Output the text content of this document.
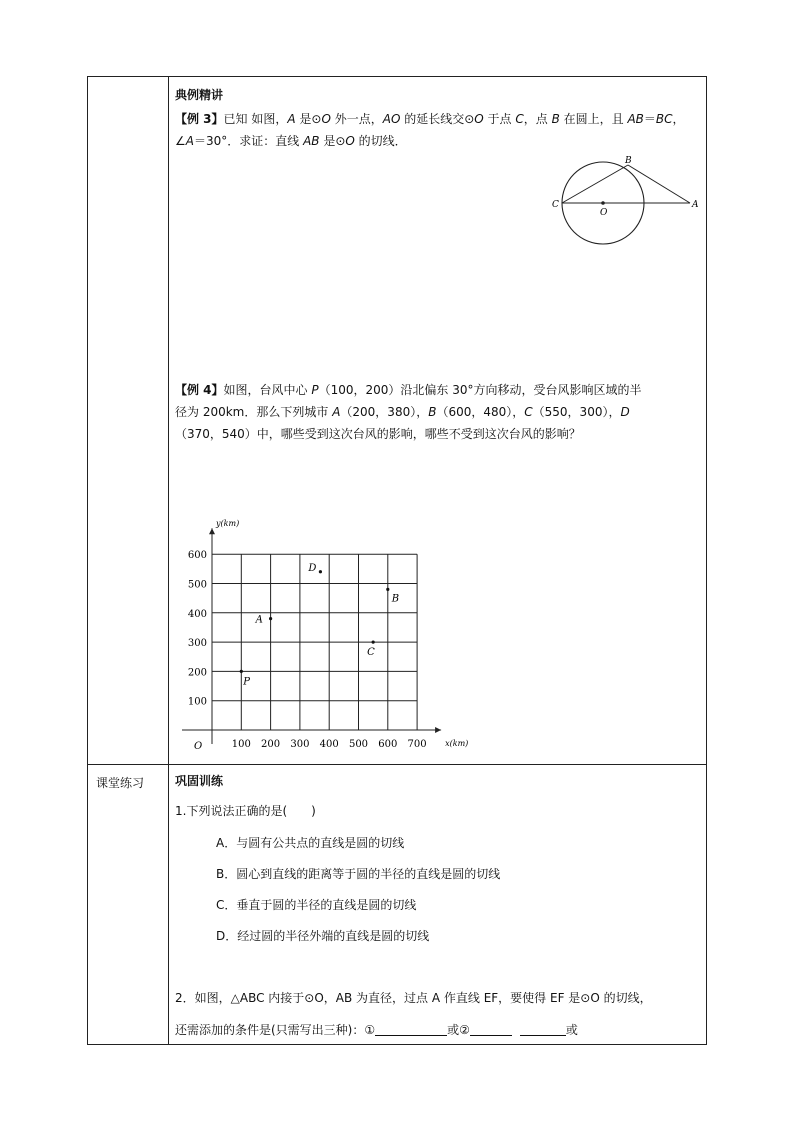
典例精讲
【例 3】已知 如图，A 是⊙O 外一点，AO 的延长线交⊙O 于点 C，点 B 在圆上，且 AB＝BC，∠A＝30°．求证：直线 AB 是⊙O 的切线．
B
C
O
A
【例 4】如图，台风中心 P（100，200）沿北偏东 30°方向移动，受台风影响区域的半
径为 200km．那么下列城市 A（200，380），B（600，480），C（550，300），D
（370，540）中，哪些受到这次台风的影响，哪些不受到这次台风的影响？
100 200 300 400 500 600 700
100
200
300
400
500
600
O	x(km)
y(km)
P
A
B
C
D
课堂练习	巩固训练
1.下列说法正确的是(　　)
A．与圆有公共点的直线是圆的切线
B．圆心到直线的距离等于圆的半径的直线是圆的切线
C．垂直于圆的半径的直线是圆的切线
D．经过圆的半径外端的直线是圆的切线
2．如图，△ABC 内接于⊙O，AB 为直径，过点 A 作直线 EF，要使得 EF 是⊙O 的切线，
还需添加的条件是(只需写出三种)：①	或②	或
